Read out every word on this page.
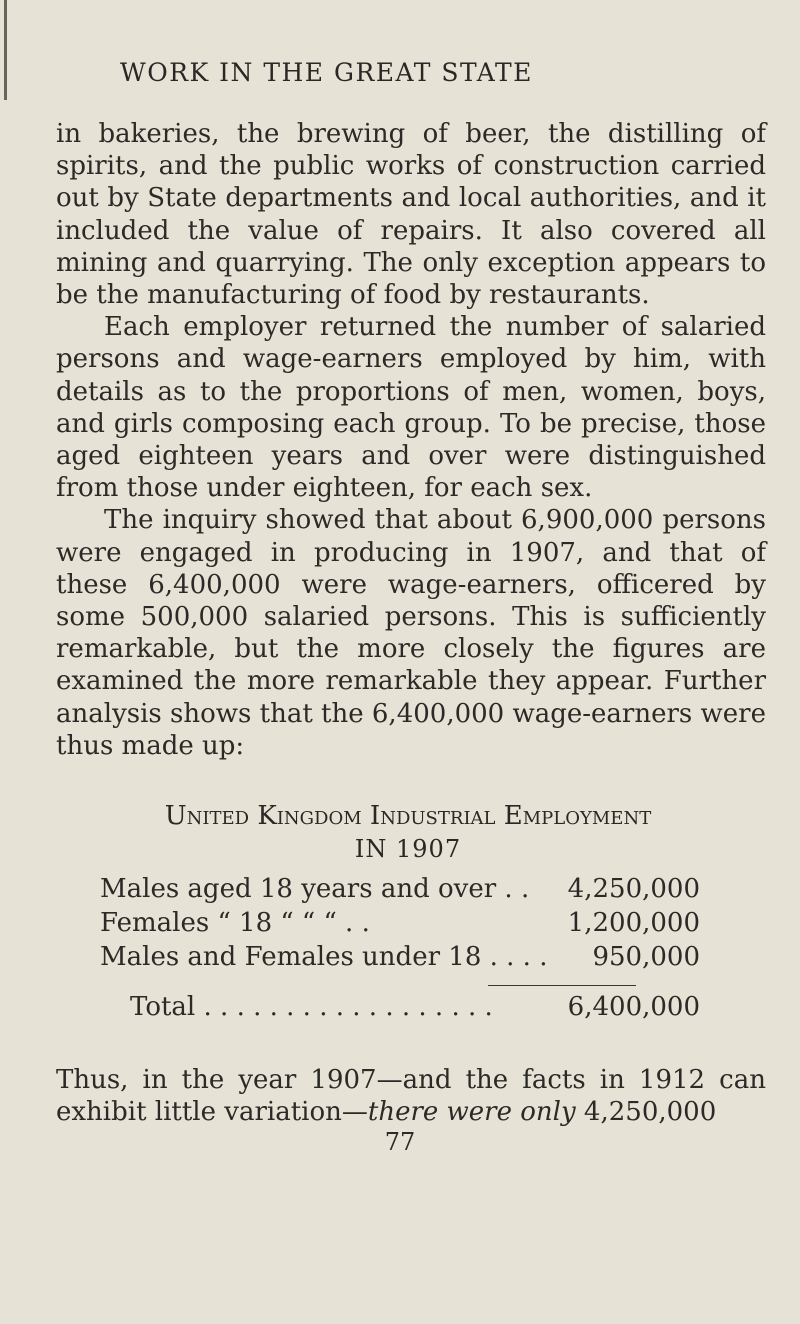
WORK IN THE GREAT STATE

in bakeries, the brewing of beer, the distilling of spirits, and the public works of construction carried out by State departments and local authorities, and it included the value of repairs. It also covered all mining and quarrying. The only exception appears to be the manufacturing of food by restaurants.

Each employer returned the number of salaried persons and wage-earners employed by him, with details as to the proportions of men, women, boys, and girls composing each group. To be precise, those aged eighteen years and over were distinguished from those under eighteen, for each sex.

The inquiry showed that about 6,900,000 persons were engaged in producing in 1907, and that of these 6,400,000 were wage-earners, officered by some 500,000 salaried persons. This is sufficiently remarkable, but the more closely the figures are examined the more remarkable they appear. Further analysis shows that the 6,400,000 wage-earners were thus made up:

United Kingdom Industrial Employment
IN 1907
Males aged 18 years and over . . 4,250,000
Females “ 18 “ “ “ . .	1,200,000
Males and Females under 18 . . . . 950,000
Total . . . . . . . . . . . . . . . . . .	6,400,000

Thus, in the year 1907—and the facts in 1912 can exhibit little variation—there were only 4,250,000

77
